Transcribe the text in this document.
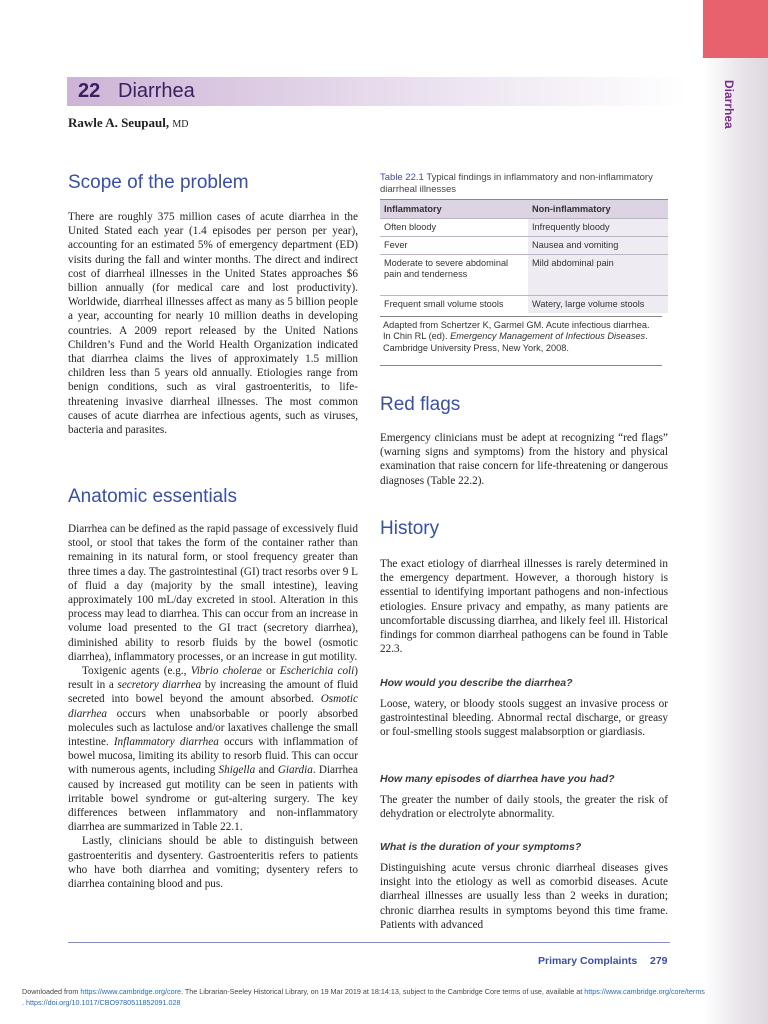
Diarrhea
22 Diarrhea
Rawle A. Seupaul, MD
Scope of the problem

There are roughly 375 million cases of acute diarrhea in the United Stated each year (1.4 episodes per person per year), accounting for an estimated 5% of emergency department (ED) visits during the fall and winter months. The direct and indirect cost of diarrheal illnesses in the United States approaches $6 billion annually (for medical care and lost productivity). Worldwide, diarrheal illnesses affect as many as 5 billion people a year, accounting for nearly 10 million deaths in developing countries. A 2009 report released by the United Nations Children’s Fund and the World Health Organization indicated that diarrhea claims the lives of approximately 1.5 million children less than 5 years old annually. Etiologies range from benign conditions, such as viral gastroenteritis, to life-threatening invasive diarrheal illnesses. The most common causes of acute diarrhea are infectious agents, such as viruses, bacteria and parasites.

Anatomic essentials

Diarrhea can be defined as the rapid passage of excessively fluid stool, or stool that takes the form of the container rather than remaining in its natural form, or stool frequency greater than three times a day. The gastrointestinal (GI) tract resorbs over 9 L of fluid a day (majority by the small intestine), leaving approximately 100 mL/day excreted in stool. Alteration in this process may lead to diarrhea. This can occur from an increase in volume load presented to the GI tract (secretory diarrhea), diminished ability to resorb fluids by the bowel (osmotic diarrhea), inflammatory processes, or an increase in gut motility.

Toxigenic agents (e.g., Vibrio cholerae or Escherichia coli) result in a secretory diarrhea by increasing the amount of fluid secreted into bowel beyond the amount absorbed. Osmotic diarrhea occurs when unabsorbable or poorly absorbed molecules such as lactulose and/or laxatives challenge the small intestine. Inflammatory diarrhea occurs with inflammation of bowel mucosa, limiting its ability to resorb fluid. This can occur with numerous agents, including Shigella and Giardia. Diarrhea caused by increased gut motility can be seen in patients with irritable bowel syndrome or gut-altering surgery. The key differences between inflammatory and non-inflammatory diarrhea are summarized in Table 22.1.

Lastly, clinicians should be able to distinguish between gastroenteritis and dysentery. Gastroenteritis refers to patients who have both diarrhea and vomiting; dysentery refers to diarrhea containing blood and pus.

Table 22.1 Typical findings in inflammatory and non-inflammatory diarrheal illnesses
Inflammatory	Non-inflammatory
Often bloody	Infrequently bloody
Fever	Nausea and vomiting
Moderate to severe abdominal pain and tenderness	Mild abdominal pain
Frequent small volume stools	Watery, large volume stools
Adapted from Schertzer K, Garmel GM. Acute infectious diarrhea. In Chin RL (ed). Emergency Management of Infectious Diseases. Cambridge University Press, New York, 2008.
Red flags

Emergency clinicians must be adept at recognizing “red flags” (warning signs and symptoms) from the history and physical examination that raise concern for life-threatening or dangerous diagnoses (Table 22.2).

History

The exact etiology of diarrheal illnesses is rarely determined in the emergency department. However, a thorough history is essential to identifying important pathogens and non-infectious etiologies. Ensure privacy and empathy, as many patients are uncomfortable discussing diarrhea, and likely feel ill. Historical findings for common diarrheal pathogens can be found in Table 22.3.

How would you describe the diarrhea?

Loose, watery, or bloody stools suggest an invasive process or gastrointestinal bleeding. Abnormal rectal discharge, or greasy or foul-smelling stools suggest malabsorption or giardiasis.

How many episodes of diarrhea have you had?

The greater the number of daily stools, the greater the risk of dehydration or electrolyte abnormality.

What is the duration of your symptoms?

Distinguishing acute versus chronic diarrheal diseases gives insight into the etiology as well as comorbid diseases. Acute diarrheal illnesses are usually less than 2 weeks in duration; chronic diarrhea results in symptoms beyond this time frame. Patients with advanced

Primary Complaints 279
Downloaded from https://www.cambridge.org/core. The Librarian-Seeley Historical Library, on 19 Mar 2019 at 18:14:13, subject to the Cambridge Core terms of use, available at https://www.cambridge.org/core/terms
. https://doi.org/10.1017/CBO9780511852091.028
